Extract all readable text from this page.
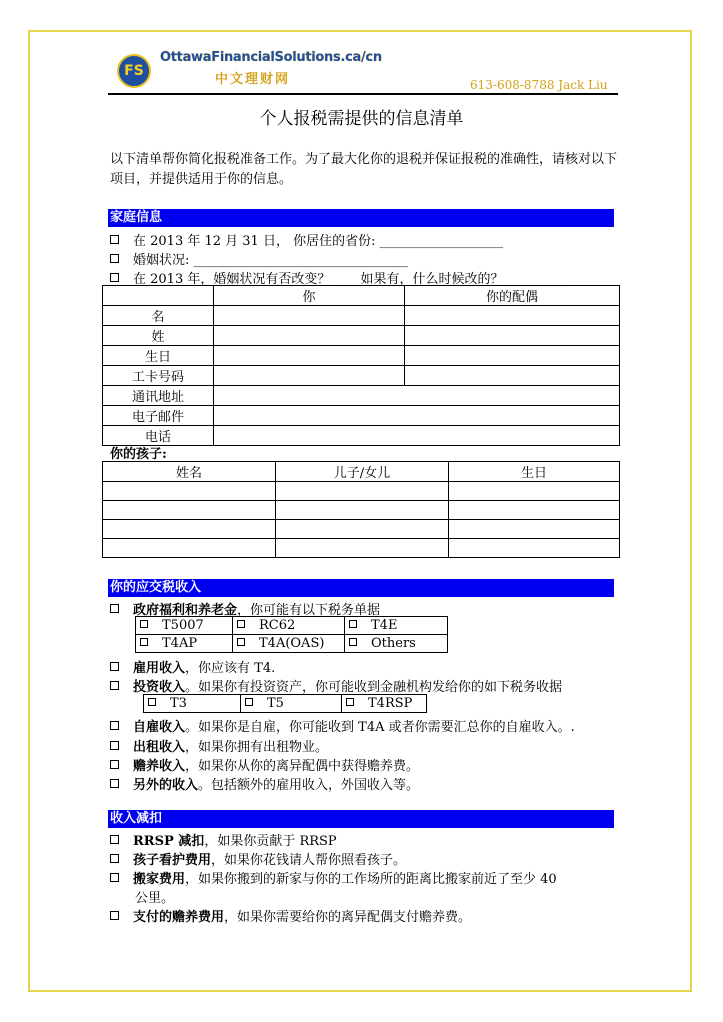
FS
OttawaFinancialSolutions.ca/cn
中文理财网	613-608-8788 Jack Liu
个人报税需提供的信息清单
以下清单帮你简化报税准备工作。为了最大化你的退税并保证报税的准确性，请核对以下项目，并提供适用于你的信息。
家庭信息
在 2013 年 12 月 31 日， 你居住的省份: ___________________
婚姻状况: _________________________________
在 2013 年，婚姻状况有否改变？ ____如果有，什么时候改的？ _________
	你	你的配偶
名		
姓		
生日		
工卡号码		
通讯地址		
电子邮件		
电话		
你的孩子:
姓名	儿子/女儿	生日

你的应交税收入
政府福利和养老金，你可能有以下税务单据
T5007	RC62	T4E
T4AP	T4A(OAS)	Others
雇用收入，你应该有 T4.
投资收入。如果你有投资资产，你可能收到金融机构发给你的如下税务收据
T3	T5	T4RSP
自雇收入。如果你是自雇，你可能收到 T4A 或者你需要汇总你的自雇收入。.
出租收入，如果你拥有出租物业。
赡养收入，如果你从你的离异配偶中获得赡养费。
另外的收入。包括额外的雇用收入，外国收入等。
收入减扣
RRSP 减扣，如果你贡献于 RRSP
孩子看护费用，如果你花钱请人帮你照看孩子。
搬家费用，如果你搬到的新家与你的工作场所的距离比搬家前近了至少 40
公里。
支付的赡养费用，如果你需要给你的离异配偶支付赡养费。
